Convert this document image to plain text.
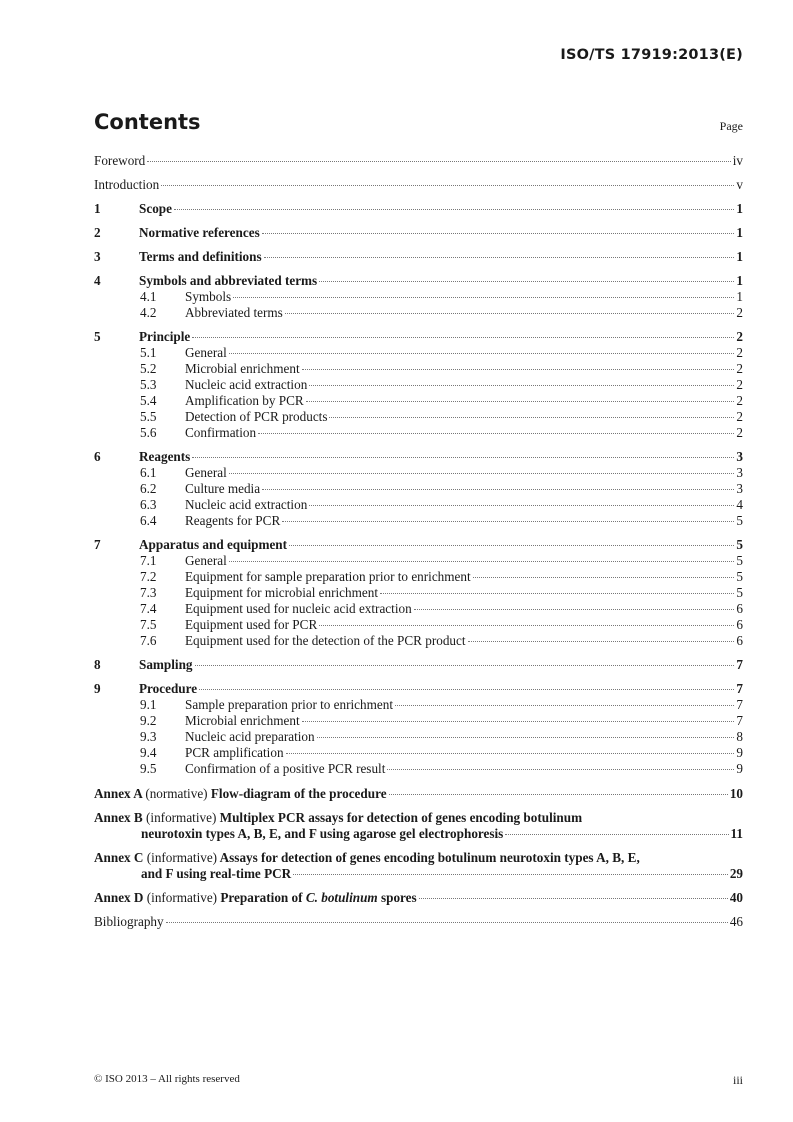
ISO/TS 17919:2013(E)
Contents	Page
Foreword	iv
Introduction	v
1	Scope	1
2	Normative references	1
3	Terms and definitions	1
4	Symbols and abbreviated terms	1
4.1 Symbols	1
4.2 Abbreviated terms	2
5	Principle	2
5.1 General	2
5.2 Microbial enrichment	2
5.3 Nucleic acid extraction	2
5.4 Amplification by PCR	2
5.5 Detection of PCR products	2
5.6 Confirmation	2
6	Reagents	3
6.1 General	3
6.2 Culture media	3
6.3 Nucleic acid extraction	4
6.4 Reagents for PCR	5
7	Apparatus and equipment	5
7.1 General	5
7.2 Equipment for sample preparation prior to enrichment	5
7.3 Equipment for microbial enrichment	5
7.4 Equipment used for nucleic acid extraction	6
7.5 Equipment used for PCR	6
7.6 Equipment used for the detection of the PCR product	6
8	Sampling	7
9	Procedure	7
9.1 Sample preparation prior to enrichment	7
9.2 Microbial enrichment	7
9.3 Nucleic acid preparation	8
9.4 PCR amplification	9
9.5 Confirmation of a positive PCR result	9
Annex A (normative) Flow-diagram of the procedure	10
Annex B (informative) Multiplex PCR assays for detection of genes encoding botulinum
neurotoxin types A, B, E, and F using agarose gel electrophoresis	11
Annex C (informative) Assays for detection of genes encoding botulinum neurotoxin types A, B, E,
and F using real-time PCR	29
Annex D (informative) Preparation of C. botulinum spores	40
Bibliography	46
© ISO 2013 – All rights reserved	iii
